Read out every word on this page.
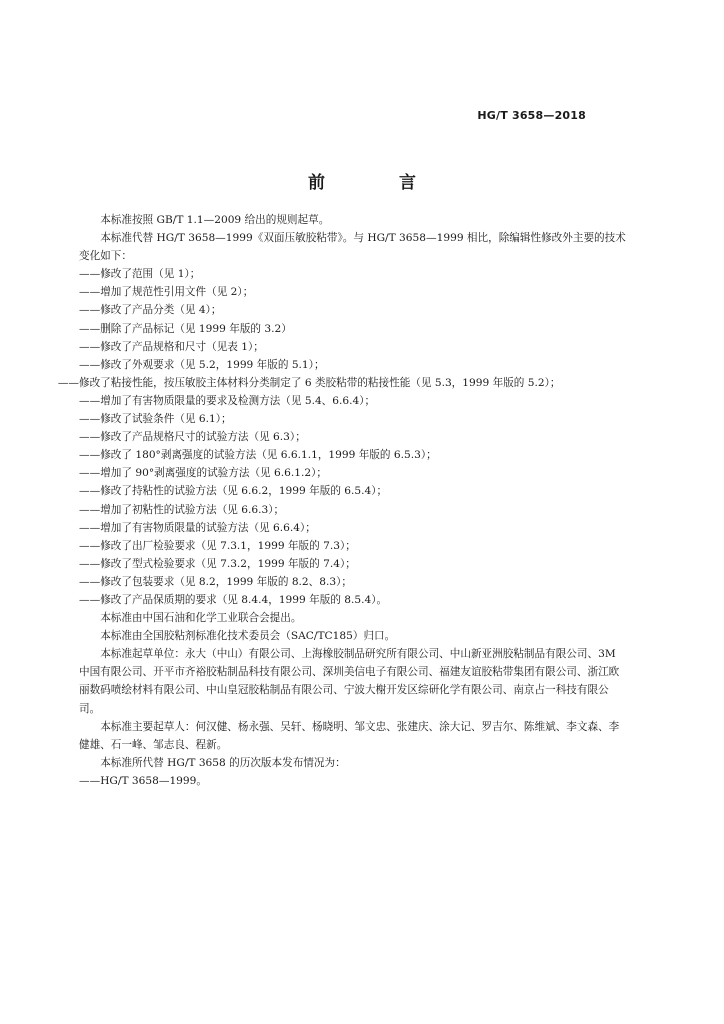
HG/T 3658—2018
前 言

本标准按照 GB/T 1.1—2009 给出的规则起草。

本标准代替 HG/T 3658—1999《双面压敏胶粘带》。与 HG/T 3658—1999 相比，除编辑性修改外主要的技术变化如下：

——修改了范围（见 1）；

——增加了规范性引用文件（见 2）；

——修改了产品分类（见 4）；

——删除了产品标记（见 1999 年版的 3.2）

——修改了产品规格和尺寸（见表 1）；

——修改了外观要求（见 5.2，1999 年版的 5.1）；

——修改了粘接性能，按压敏胶主体材料分类制定了 6 类胶粘带的粘接性能（见 5.3，1999 年版的 5.2）；

——增加了有害物质限量的要求及检测方法（见 5.4、6.6.4）；

——修改了试验条件（见 6.1）；

——修改了产品规格尺寸的试验方法（见 6.3）；

——修改了 180°剥离强度的试验方法（见 6.6.1.1，1999 年版的 6.5.3）；

——增加了 90°剥离强度的试验方法（见 6.6.1.2）；

——修改了持粘性的试验方法（见 6.6.2，1999 年版的 6.5.4）；

——增加了初粘性的试验方法（见 6.6.3）；

——增加了有害物质限量的试验方法（见 6.6.4）；

——修改了出厂检验要求（见 7.3.1，1999 年版的 7.3）；

——修改了型式检验要求（见 7.3.2，1999 年版的 7.4）；

——修改了包装要求（见 8.2，1999 年版的 8.2、8.3）；

——修改了产品保质期的要求（见 8.4.4，1999 年版的 8.5.4）。

本标准由中国石油和化学工业联合会提出。

本标准由全国胶粘剂标准化技术委员会（SAC/TC185）归口。

本标准起草单位：永大（中山）有限公司、上海橡胶制品研究所有限公司、中山新亚洲胶粘制品有限公司、3M 中国有限公司、开平市齐裕胶粘制品科技有限公司、深圳美信电子有限公司、福建友谊胶粘带集团有限公司、浙江欧丽数码喷绘材料有限公司、中山皇冠胶粘制品有限公司、宁波大榭开发区综研化学有限公司、南京占一科技有限公司。

本标准主要起草人：何汉健、杨永强、吴轩、杨晓明、邹文忠、张建庆、涂大记、罗吉尔、陈维斌、李文森、李健雄、石一峰、邹志良、程新。

本标准所代替 HG/T 3658 的历次版本发布情况为：

——HG/T 3658—1999。
